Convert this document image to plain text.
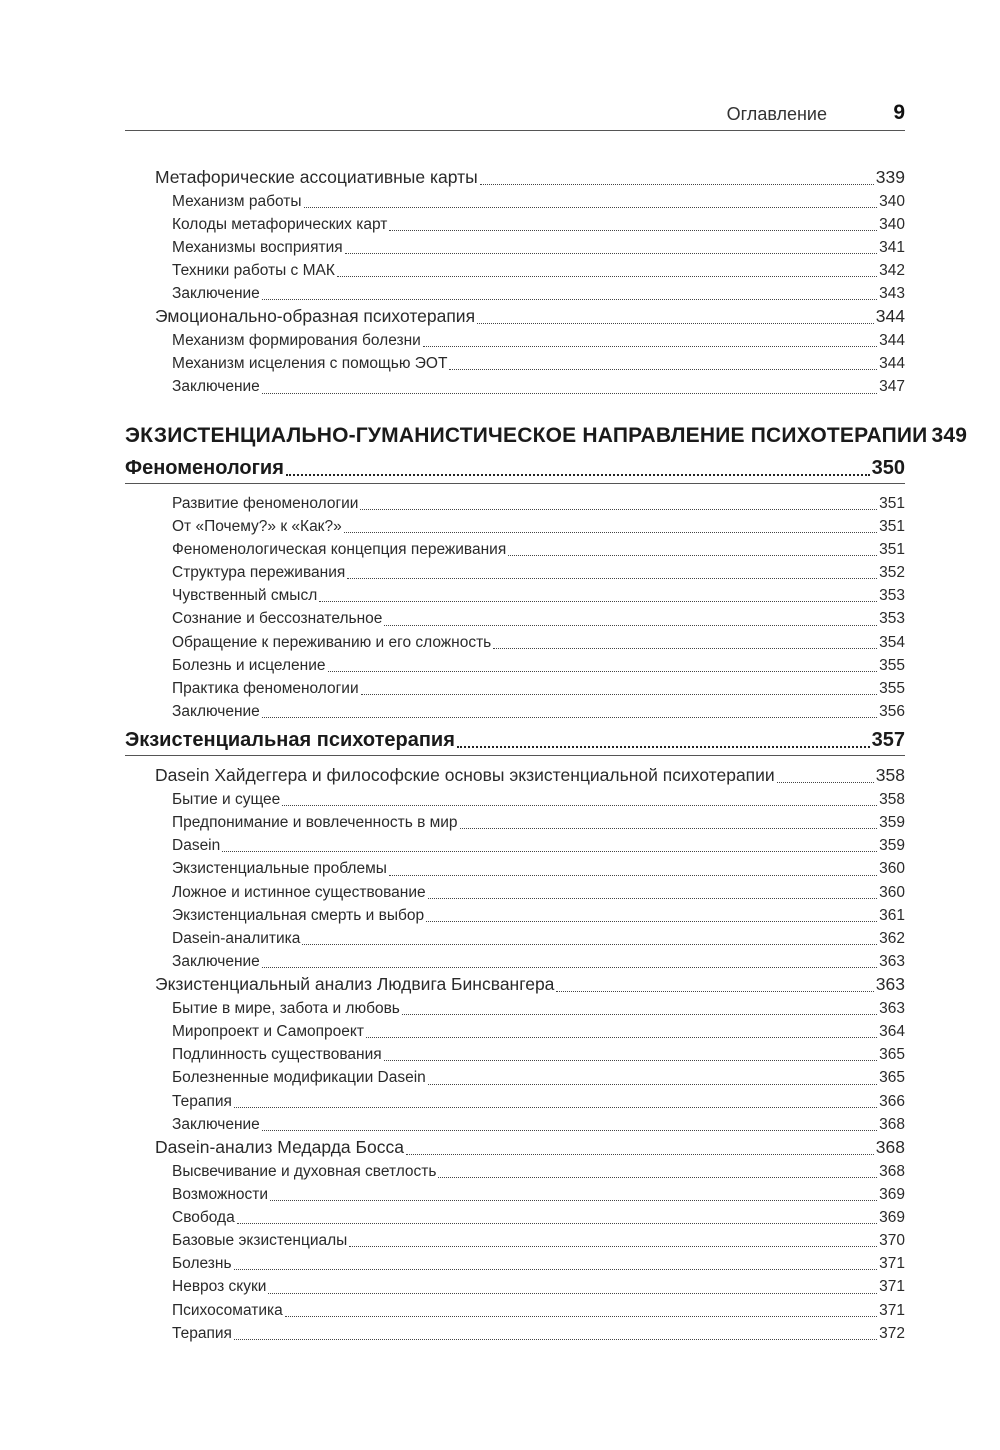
Оглавление	9
Метафорические ассоциативные карты	339
Механизм работы	340
Колоды метафорических карт	340
Механизмы восприятия	341
Техники работы с МАК	342
Заключение	343
Эмоционально-образная психотерапия	344
Механизм формирования болезни	344
Механизм исцеления с помощью ЭОТ	344
Заключение	347
ЭКЗИСТЕНЦИАЛЬНО-ГУМАНИСТИЧЕСКОЕ НАПРАВЛЕНИЕ ПСИХОТЕРАПИИ 349
Феноменология	350
Развитие феноменологии	351
От «Почему?» к «Как?»	351
Феноменологическая концепция переживания	351
Структура переживания	352
Чувственный смысл	353
Сознание и бессознательное	353
Обращение к переживанию и его сложность	354
Болезнь и исцеление	355
Практика феноменологии	355
Заключение	356
Экзистенциальная психотерапия	357
Dasein Хайдеггера и философские основы экзистенциальной психотерапии	358
Бытие и сущее	358
Предпонимание и вовлеченность в мир	359
Dasein	359
Экзистенциальные проблемы	360
Ложное и истинное существование	360
Экзистенциальная смерть и выбор	361
Dasein-аналитика	362
Заключение	363
Экзистенциальный анализ Людвига Бинсвангера	363
Бытие в мире, забота и любовь	363
Миропроект и Самопроект	364
Подлинность существования	365
Болезненные модификации Dasein	365
Терапия	366
Заключение	368
Dasein-анализ Медарда Босса	368
Высвечивание и духовная светлость	368
Возможности	369
Свобода	369
Базовые экзистенциалы	370
Болезнь	371
Невроз скуки	371
Психосоматика	371
Терапия	372
